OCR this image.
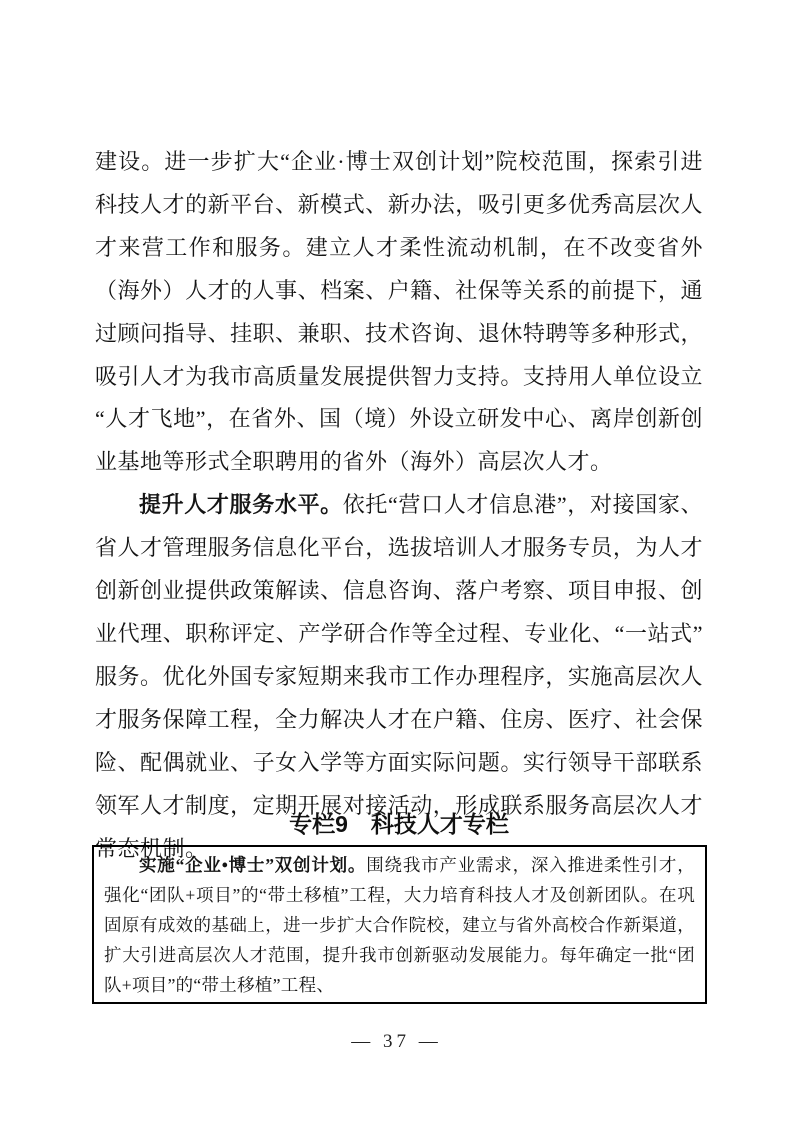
建设。进一步扩大“企业·博士双创计划”院校范围，探索引进科技人才的新平台、新模式、新办法，吸引更多优秀高层次人才来营工作和服务。建立人才柔性流动机制，在不改变省外（海外）人才的人事、档案、户籍、社保等关系的前提下，通过顾问指导、挂职、兼职、技术咨询、退休特聘等多种形式，吸引人才为我市高质量发展提供智力支持。支持用人单位设立“人才飞地”，在省外、国（境）外设立研发中心、离岸创新创业基地等形式全职聘用的省外（海外）高层次人才。

提升人才服务水平。依托“营口人才信息港”，对接国家、省人才管理服务信息化平台，选拔培训人才服务专员，为人才创新创业提供政策解读、信息咨询、落户考察、项目申报、创业代理、职称评定、产学研合作等全过程、专业化、“一站式”服务。优化外国专家短期来我市工作办理程序，实施高层次人才服务保障工程，全力解决人才在户籍、住房、医疗、社会保险、配偶就业、子女入学等方面实际问题。实行领导干部联系领军人才制度，定期开展对接活动，形成联系服务高层次人才常态机制。

专栏9　科技人才专栏

实施“企业•博士”双创计划。围绕我市产业需求，深入推进柔性引才，强化“团队+项目”的“带土移植”工程，大力培育科技人才及创新团队。在巩固原有成效的基础上，进一步扩大合作院校，建立与省外高校合作新渠道，扩大引进高层次人才范围，提升我市创新驱动发展能力。每年确定一批“团队+项目”的“带土移植”工程、

— 37 —
